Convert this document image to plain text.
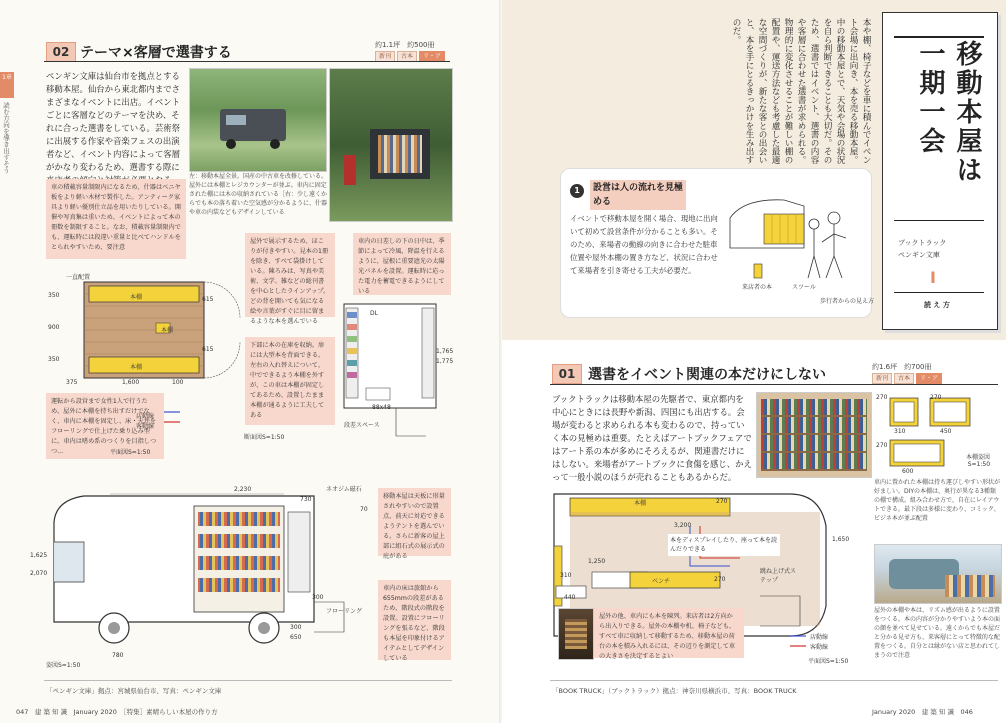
1章
読む方向を導き出すそう
02 テーマ×客層で選書する	約1.1坪　約500冊
新刊	古本	リ・ア
ペンギン文庫は仙台市を拠点とする移動本屋。仙台から東北都内までさまざまなイベントに出店。イベントごとに客層などのテーマを決め、それに合った選書をしている。芸術祭に出展する作家や音楽フェスの出演者など、イベント内容によって客層がかなり変わるため、選書する際に
左：移動本屋全景。国産の中古車を改修している。屋外には本棚とレジカウンターが並ぶ。車内に固定された棚には木の収納されている［右：少し遠くからでも本の落ち着いた空気感が分かるように、什器や車の内装などもデザインしている
車の積載容量制限内になるため、什器はベニヤ板をより軽い木材で製作した。アンティーク家具より軽い優別仕立品を用いたりしている。開催や写真集は重いため、イベントによって本の冊数を制限すること。なお、積載容量制限内でも、運転時には段違い重量と比べてハンドルをとられやすいため、要注意
屋外で展示するため、ほこりが付きやすい。見本の1冊を除き、すべて袋掛けしている。陳ろみは、写真や美術、文学、雑などの総刊書を中心としたラインアップ。どの背を開いても気になる絵や言葉がすぐに目に留まるような本を選んでいる
車内の日差しの下の日中は、季節によって冷風、降温を行えるように、屋根に重要遮光の太陽光パネルを設置。運転時に応った電力を蓄電できるようにしている
下部に本の在庫を収納。扉には大型本を背面できる。左右の入れ替えについて、中でできるよう本棚を外すが、この車は本棚が固定してあるため、設置したまま本棚が通るように工夫してある
運転から設営まで女性1人で行うため、屋外に本棚を持ち出すだけでなく、車内に本棚を固定し、床・天井をフローリングで仕上げた乗り込み型に。車内は嗜め系のつくりを目指しつつ...
移動本屋は天板に形量されやすいので設置点、前天に対応できるようテントを選んでいる。さらに新客の屋上部に組石式の展示式の庇がある
車内の床は旅館から655mmの段差があるため、階段式の階段を設置。設置にフローリングを張るなど、階段も本屋を印象付けるアイテムとしてデザインしている
一直配置
本棚
本棚
本棚
350
900
350
375	1,600	100
615
615
店動線
客動線
平面図S=1:50
DL
1,765
1,775
88x48
段差スペース
断面図S=1:50
2,230
730
ネオジム磁石
70
1,625
2,070
300
フローリング
300
650
780
姿図S=1:50
「ペンギン文庫」拠点：宮城県仙台市、写真：ペンギン文庫
047　建 築 知 識　January 2020　［特集］素晴らしい本屋の作り方
本や棚、椅子などを車に積んでイベント会場に出向き、本を売る移動本屋。中の移動本屋とで、天気や会場の状況を自ら判断できることも大切だ。そのため、選書ではイベント、選書の内容や客層に合わせた選書が求められる。物理的に変化させることが難しい棚の配置や、運送方法なども考慮した最適な空間づくりが、新たな客との出会いと、本を手にとるきっかけを生み出すのだ。
移動本屋は一期一会
ブックトラック
ペンギン文庫
I
読 え 方
1	設営は人の流れを見極める
イベントで移動本屋を開く場合、現地に出向いて初めて設営条件が分かることも多い。そのため、来場者の動線の向きに合わせた駐車位置や屋外本棚の置き方など、状況に合わせて来場者を引き寄せる工夫が必要だ。
来店者の本	スツール
歩行者からの見え方
01 選書をイベント関連の本だけにしない	約1.6坪　約700冊
新刊	古本	リ・ア
ブックトラックは移動本屋の先駆者で、東京都内を中心にときには長野や新潟、四国にも出店する。会場が変わると求められる本も変わるので、持っていく本の見極めは重要。たとえばアートブックフェアではアート系の本が多めにそろえるが、関連書だけにはしない。来場者がアートブックに食傷を感じ、かえって一般小説のほうが売れることもあるからだ。
270
310
270
450
270
600
本棚姿図
S=1:50
車内に置かれた本棚は持ち運びしやすい形状が好ましい。DIYの本棚は、奥行が異なる3種類の棚で構成。組み合わせ方で、自在にレイアウトできる。最下段は多様に変わり、コミック、ビジネ本が並ぶ配置
本棚	270
3,200
本をディスプレイしたり、座って本を読んだりできる
1,250
310
440
ベンチ	270
1,650
跳ね上げ式ステップ
店動線
客動線
平面図S=1:50
屋外の他、車内にも本を陳列。来店者は2方向から出入りできる。屋外の本棚や机、椅子なども、すべて車に収納して移動するため、移動本屋の荷台の本を積み入れるには、その辺りを測定して車の大きさを決定するとよい
屋外の本棚や本は、リズム感が出るように設置をつくる。本の内容が分かりやすいよう本の面の顔を並べて見せている。遠くからでも本屋だと分かる見せ方も、来客層にとって特徴的な配置をつくる。自分とは縁がない店と思われてしまうので注意
「BOOK TRUCK」（ブックトラック）拠点：神奈川県横浜市、写真：BOOK TRUCK
January 2020　建 築 知 識　046
